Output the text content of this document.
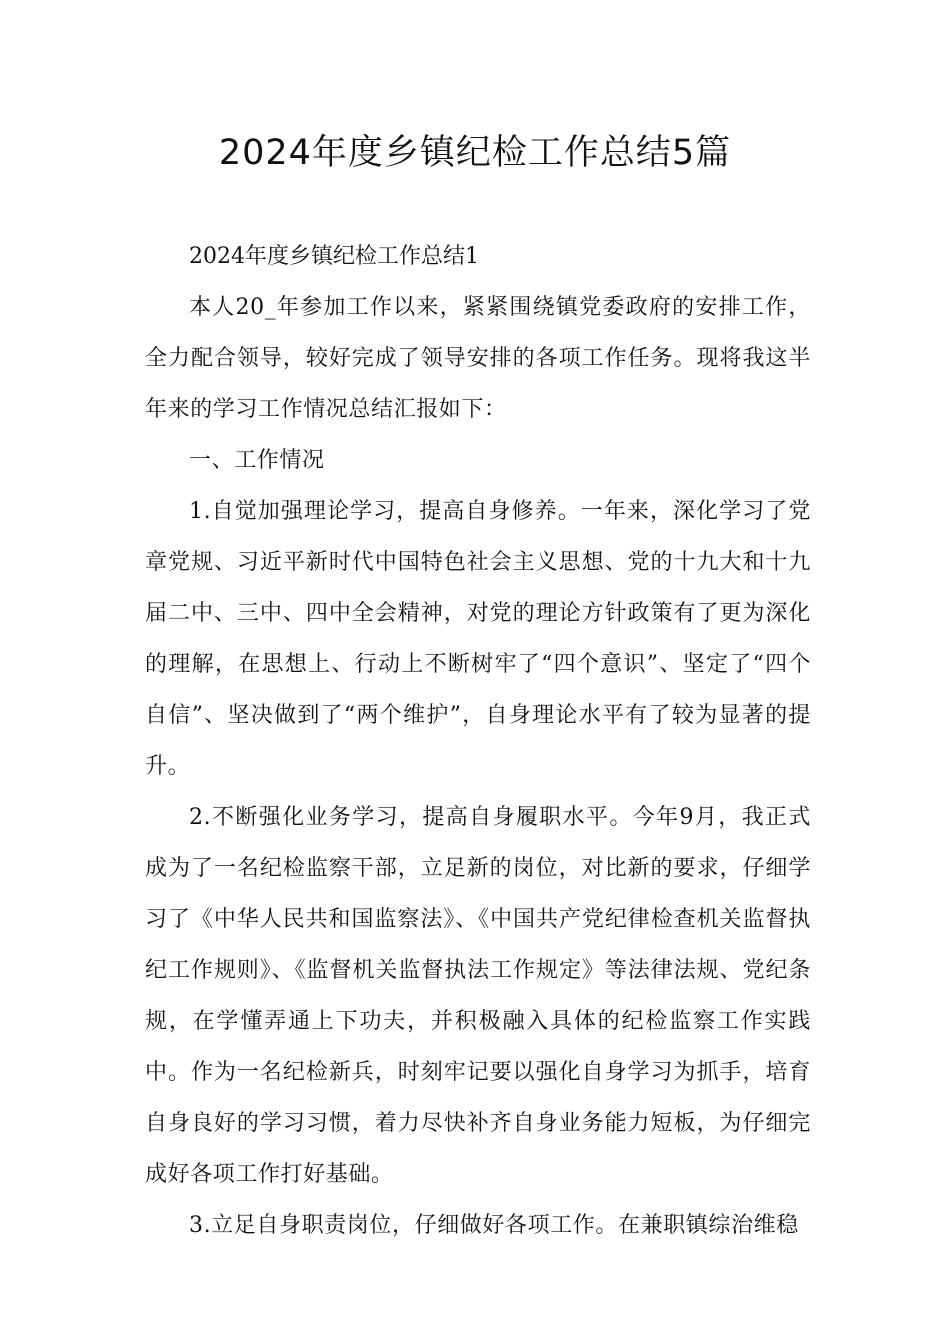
2024年度乡镇纪检工作总结5篇

2024年度乡镇纪检工作总结1

本人20_年参加工作以来，紧紧围绕镇党委政府的安排工作，全力配合领导，较好完成了领导安排的各项工作任务。现将我这半年来的学习工作情况总结汇报如下：

一、工作情况

1.自觉加强理论学习，提高自身修养。一年来，深化学习了党章党规、习近平新时代中国特色社会主义思想、党的十九大和十九届二中、三中、四中全会精神，对党的理论方针政策有了更为深化的理解，在思想上、行动上不断树牢了“四个意识”、坚定了“四个自信”、坚决做到了“两个维护”，自身理论水平有了较为显著的提升。

2.不断强化业务学习，提高自身履职水平。今年9月，我正式成为了一名纪检监察干部，立足新的岗位，对比新的要求，仔细学习了《中华人民共和国监察法》、《中国共产党纪律检查机关监督执纪工作规则》、《监督机关监督执法工作规定》等法律法规、党纪条规，在学懂弄通上下功夫，并积极融入具体的纪检监察工作实践中。作为一名纪检新兵，时刻牢记要以强化自身学习为抓手，培育自身良好的学习习惯，着力尽快补齐自身业务能力短板，为仔细完成好各项工作打好基础。

3.立足自身职责岗位，仔细做好各项工作。在兼职镇综治维稳
